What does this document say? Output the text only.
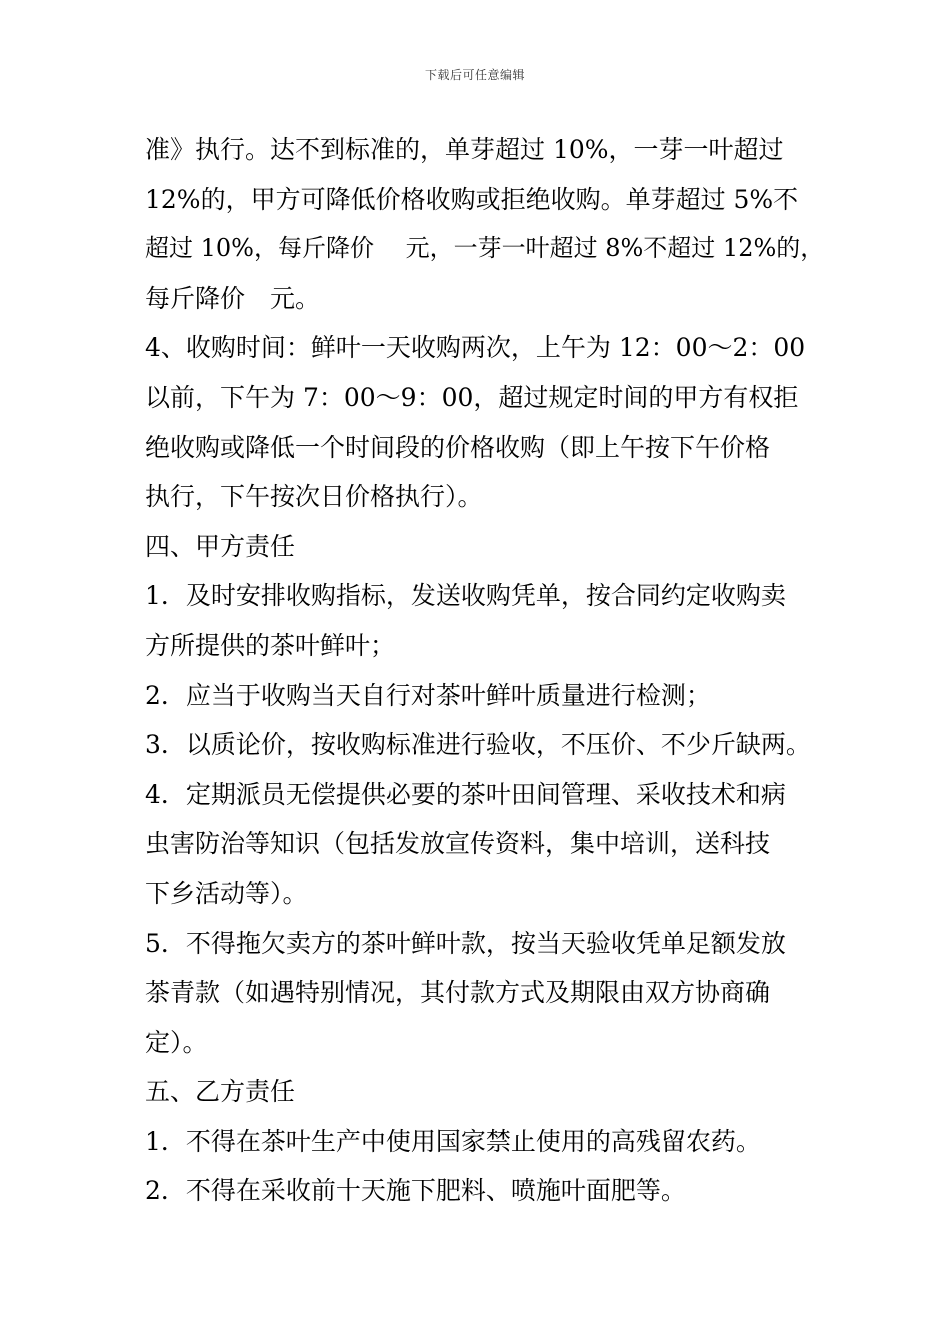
下载后可任意编辑
准》执行。达不到标准的，单芽超过 10%，一芽一叶超过
12%的，甲方可降低价格收购或拒绝收购。单芽超过 5%不
超过 10%，每斤降价　 元，一芽一叶超过 8%不超过 12%的，
每斤降价　元。
4、收购时间：鲜叶一天收购两次，上午为 12：00～2：00
以前，下午为 7：00～9：00，超过规定时间的甲方有权拒
绝收购或降低一个时间段的价格收购（即上午按下午价格
执行，下午按次日价格执行）。
四、甲方责任
1．及时安排收购指标，发送收购凭单，按合同约定收购卖
方所提供的茶叶鲜叶；
2．应当于收购当天自行对茶叶鲜叶质量进行检测；
3．以质论价，按收购标准进行验收，不压价、不少斤缺两。
4．定期派员无偿提供必要的茶叶田间管理、采收技术和病
虫害防治等知识（包括发放宣传资料，集中培训，送科技
下乡活动等）。
5．不得拖欠卖方的茶叶鲜叶款，按当天验收凭单足额发放
茶青款（如遇特别情况，其付款方式及期限由双方协商确
定）。
五、乙方责任
1．不得在茶叶生产中使用国家禁止使用的高残留农药。
2．不得在采收前十天施下肥料、喷施叶面肥等。
